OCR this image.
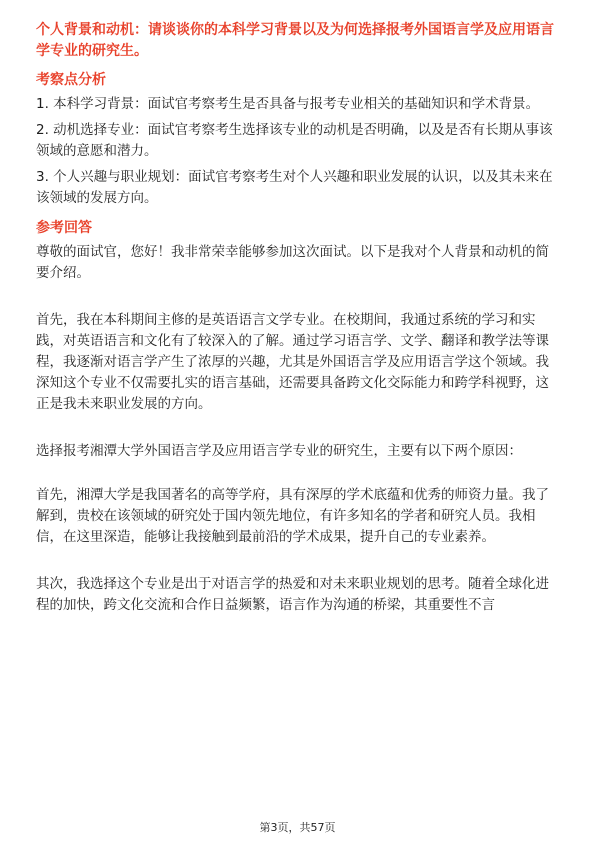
个人背景和动机：请谈谈你的本科学习背景以及为何选择报考外国语言学及应用语言学专业的研究生。

考察点分析

1. 本科学习背景：面试官考察考生是否具备与报考专业相关的基础知识和学术背景。

2. 动机选择专业：面试官考察考生选择该专业的动机是否明确，以及是否有长期从事该领域的意愿和潜力。

3. 个人兴趣与职业规划：面试官考察考生对个人兴趣和职业发展的认识，以及其未来在该领域的发展方向。

参考回答

尊敬的面试官，您好！我非常荣幸能够参加这次面试。以下是我对个人背景和动机的简要介绍。

首先，我在本科期间主修的是英语语言文学专业。在校期间，我通过系统的学习和实践，对英语语言和文化有了较深入的了解。通过学习语言学、文学、翻译和教学法等课程，我逐渐对语言学产生了浓厚的兴趣，尤其是外国语言学及应用语言学这个领域。我深知这个专业不仅需要扎实的语言基础，还需要具备跨文化交际能力和跨学科视野，这正是我未来职业发展的方向。

选择报考湘潭大学外国语言学及应用语言学专业的研究生，主要有以下两个原因：

首先，湘潭大学是我国著名的高等学府，具有深厚的学术底蕴和优秀的师资力量。我了解到，贵校在该领域的研究处于国内领先地位，有许多知名的学者和研究人员。我相信，在这里深造，能够让我接触到最前沿的学术成果，提升自己的专业素养。

其次，我选择这个专业是出于对语言学的热爱和对未来职业规划的思考。随着全球化进程的加快，跨文化交流和合作日益频繁，语言作为沟通的桥梁，其重要性不言

第3页，共57页
